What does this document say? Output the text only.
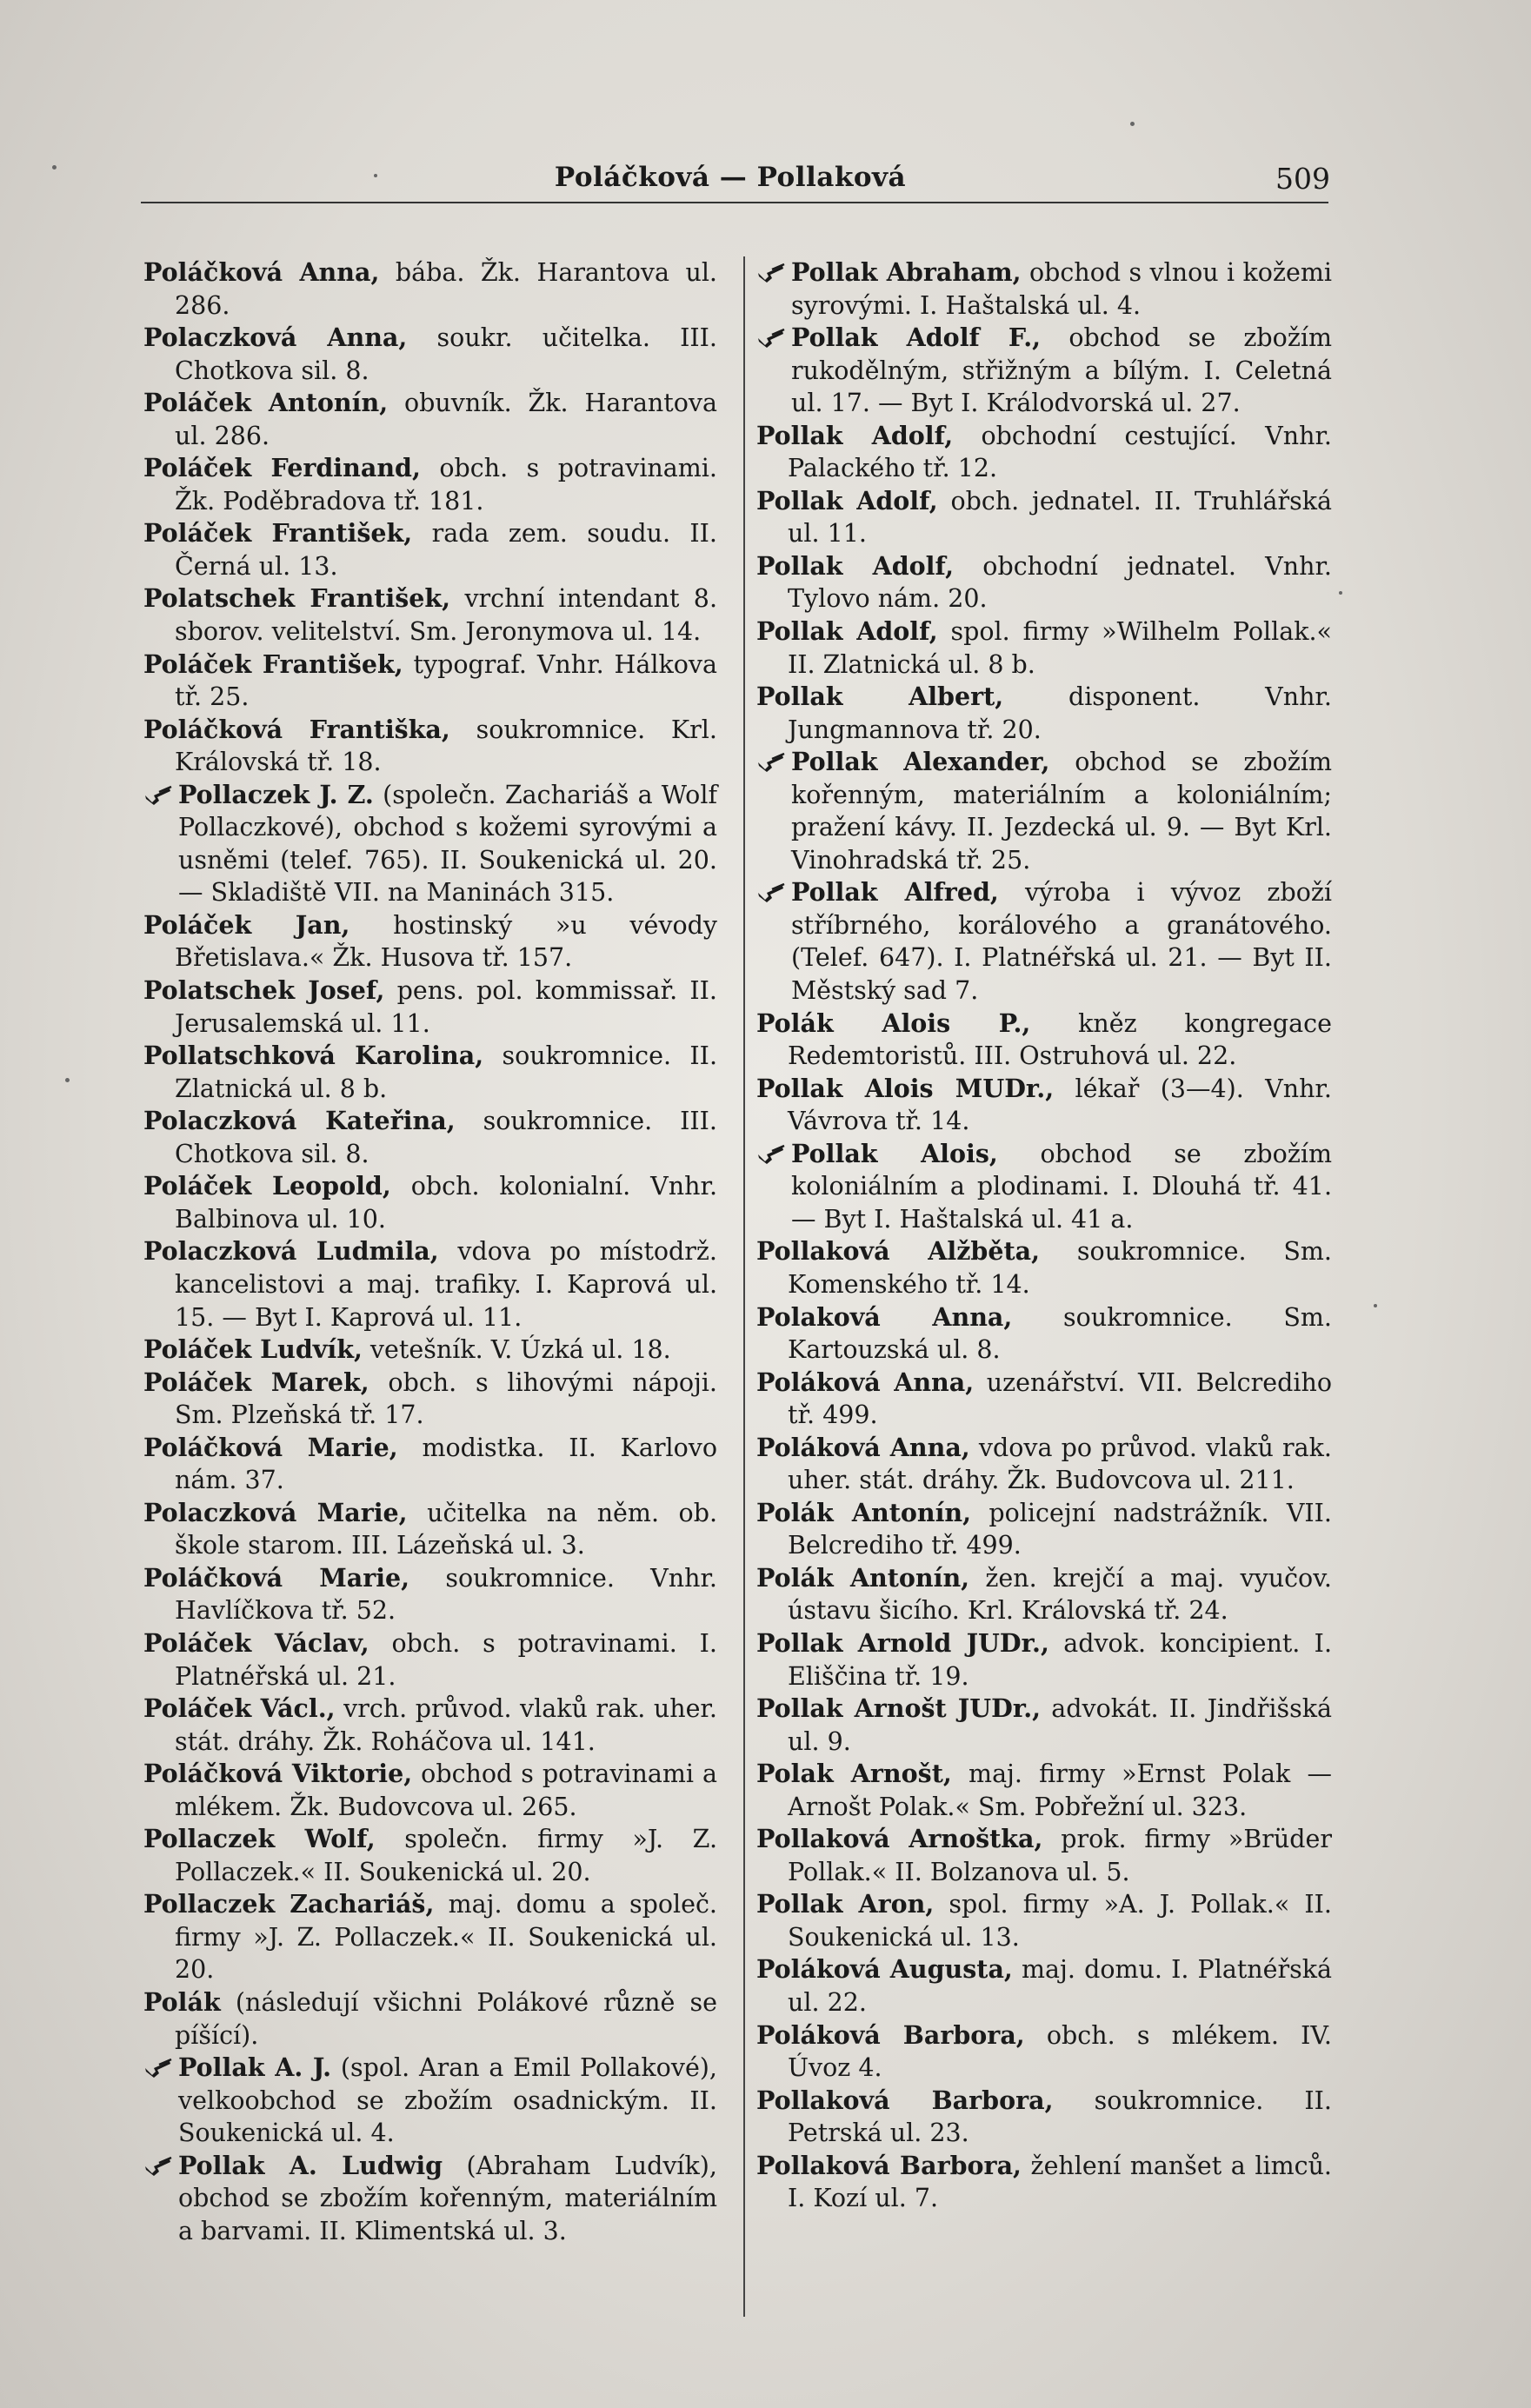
Poláčková — Pollaková	509

Poláčková Anna, bába. Žk. Harantova ul. 286.

Polaczková Anna, soukr. učitelka. III. Chotkova sil. 8.

Poláček Antonín, obuvník. Žk. Harantova ul. 286.

Poláček Ferdinand, obch. s potravinami. Žk. Poděbradova tř. 181.

Poláček František, rada zem. soudu. II. Černá ul. 13.

Polatschek František, vrchní intendant 8. sborov. velitelství. Sm. Jeronymova ul. 14.

Poláček František, typograf. Vnhr. Hálkova tř. 25.

Poláčková Františka, soukromnice. Krl. Královská tř. 18.

Pollaczek J. Z. (společn. Zachariáš a Wolf Pollaczkové), obchod s kožemi syrovými a usněmi (telef. 765). II. Soukenická ul. 20. — Skladiště VII. na Maninách 315.

Poláček Jan, hostinský »u vévody Břetislava.« Žk. Husova tř. 157.

Polatschek Josef, pens. pol. kommissař. II. Jerusalemská ul. 11.

Pollatschková Karolina, soukromnice. II. Zlatnická ul. 8 b.

Polaczková Kateřina, soukromnice. III. Chotkova sil. 8.

Poláček Leopold, obch. kolonialní. Vnhr. Balbinova ul. 10.

Polaczková Ludmila, vdova po místodrž. kancelistovi a maj. trafiky. I. Kaprová ul. 15. — Byt I. Kaprová ul. 11.

Poláček Ludvík, vetešník. V. Úzká ul. 18.

Poláček Marek, obch. s lihovými nápoji. Sm. Plzeňská tř. 17.

Poláčková Marie, modistka. II. Karlovo nám. 37.

Polaczková Marie, učitelka na něm. ob. škole starom. III. Lázeňská ul. 3.

Poláčková Marie, soukromnice. Vnhr. Havlíčkova tř. 52.

Poláček Václav, obch. s potravinami. I. Platnéřská ul. 21.

Poláček Václ., vrch. průvod. vlaků rak. uher. stát. dráhy. Žk. Roháčova ul. 141.

Poláčková Viktorie, obchod s potravinami a mlékem. Žk. Budovcova ul. 265.

Pollaczek Wolf, společn. firmy »J. Z. Pollaczek.« II. Soukenická ul. 20.

Pollaczek Zachariáš, maj. domu a společ. firmy »J. Z. Pollaczek.« II. Soukenická ul. 20.

Polák (následují všichni Polákové různě se píšící).

Pollak A. J. (spol. Aran a Emil Pollakové), velkoobchod se zbožím osadnickým. II. Soukenická ul. 4.

Pollak A. Ludwig (Abraham Ludvík), obchod se zbožím kořenným, materiálním a barvami. II. Klimentská ul. 3.

Pollak Abraham, obchod s vlnou i kožemi syrovými. I. Haštalská ul. 4.

Pollak Adolf F., obchod se zbožím rukodělným, střižným a bílým. I. Celetná ul. 17. — Byt I. Králodvorská ul. 27.

Pollak Adolf, obchodní cestující. Vnhr. Palackého tř. 12.

Pollak Adolf, obch. jednatel. II. Truhlářská ul. 11.

Pollak Adolf, obchodní jednatel. Vnhr. Tylovo nám. 20.

Pollak Adolf, spol. firmy »Wilhelm Pollak.« II. Zlatnická ul. 8 b.

Pollak Albert, disponent. Vnhr. Jungmannova tř. 20.

Pollak Alexander, obchod se zbožím kořenným, materiálním a koloniálním; pražení kávy. II. Jezdecká ul. 9. — Byt Krl. Vinohradská tř. 25.

Pollak Alfred, výroba i vývoz zboží stříbrného, korálového a granátového. (Telef. 647). I. Platnéřská ul. 21. — Byt II. Městský sad 7.

Polák Alois P., kněz kongregace Redemtoristů. III. Ostruhová ul. 22.

Pollak Alois MUDr., lékař (3—4). Vnhr. Vávrova tř. 14.

Pollak Alois, obchod se zbožím koloniálním a plodinami. I. Dlouhá tř. 41. — Byt I. Haštalská ul. 41 a.

Pollaková Alžběta, soukromnice. Sm. Komenského tř. 14.

Polaková Anna, soukromnice. Sm. Kartouzská ul. 8.

Poláková Anna, uzenářství. VII. Belcrediho tř. 499.

Poláková Anna, vdova po průvod. vlaků rak. uher. stát. dráhy. Žk. Budovcova ul. 211.

Polák Antonín, policejní nadstrážník. VII. Belcrediho tř. 499.

Polák Antonín, žen. krejčí a maj. vyučov. ústavu šicího. Krl. Královská tř. 24.

Pollak Arnold JUDr., advok. koncipient. I. Eliščina tř. 19.

Pollak Arnošt JUDr., advokát. II. Jindřišská ul. 9.

Polak Arnošt, maj. firmy »Ernst Polak — Arnošt Polak.« Sm. Pobřežní ul. 323.

Pollaková Arnoštka, prok. firmy »Brüder Pollak.« II. Bolzanova ul. 5.

Pollak Aron, spol. firmy »A. J. Pollak.« II. Soukenická ul. 13.

Poláková Augusta, maj. domu. I. Platnéřská ul. 22.

Poláková Barbora, obch. s mlékem. IV. Úvoz 4.

Pollaková Barbora, soukromnice. II. Petrská ul. 23.

Pollaková Barbora, žehlení manšet a limců. I. Kozí ul. 7.
